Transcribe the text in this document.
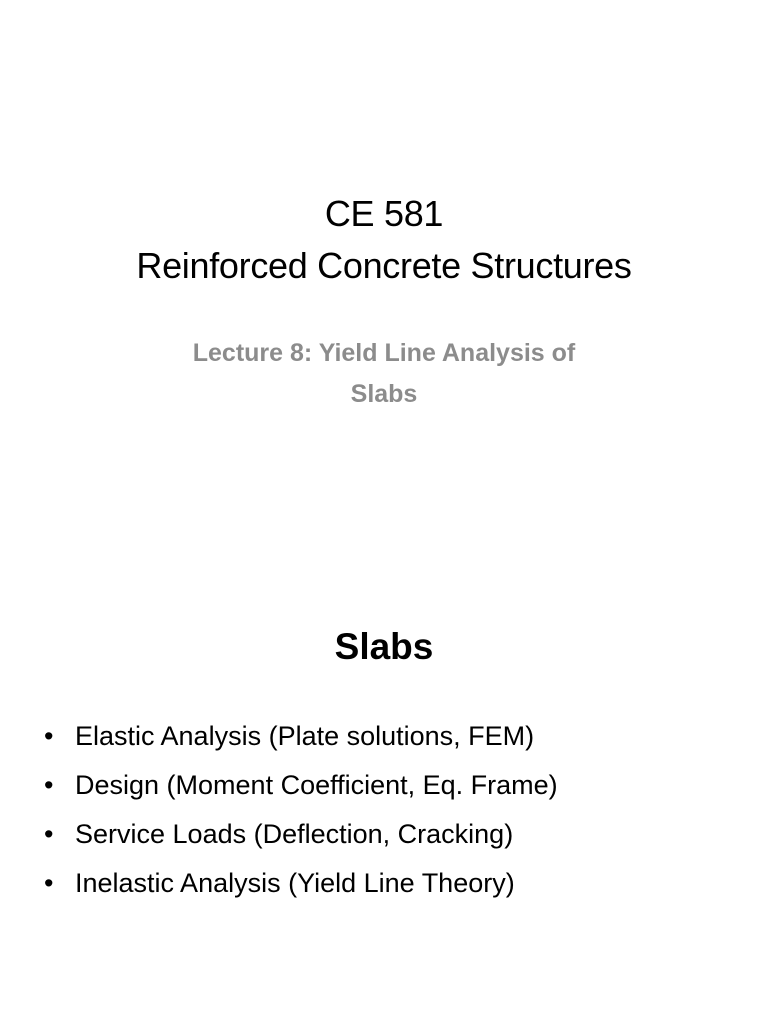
CE 581
Reinforced Concrete Structures
Lecture 8: Yield Line Analysis of
Slabs
Slabs
• Elastic Analysis (Plate solutions, FEM)
• Design (Moment Coefficient, Eq. Frame)
• Service Loads (Deflection, Cracking)
• Inelastic Analysis (Yield Line Theory)
